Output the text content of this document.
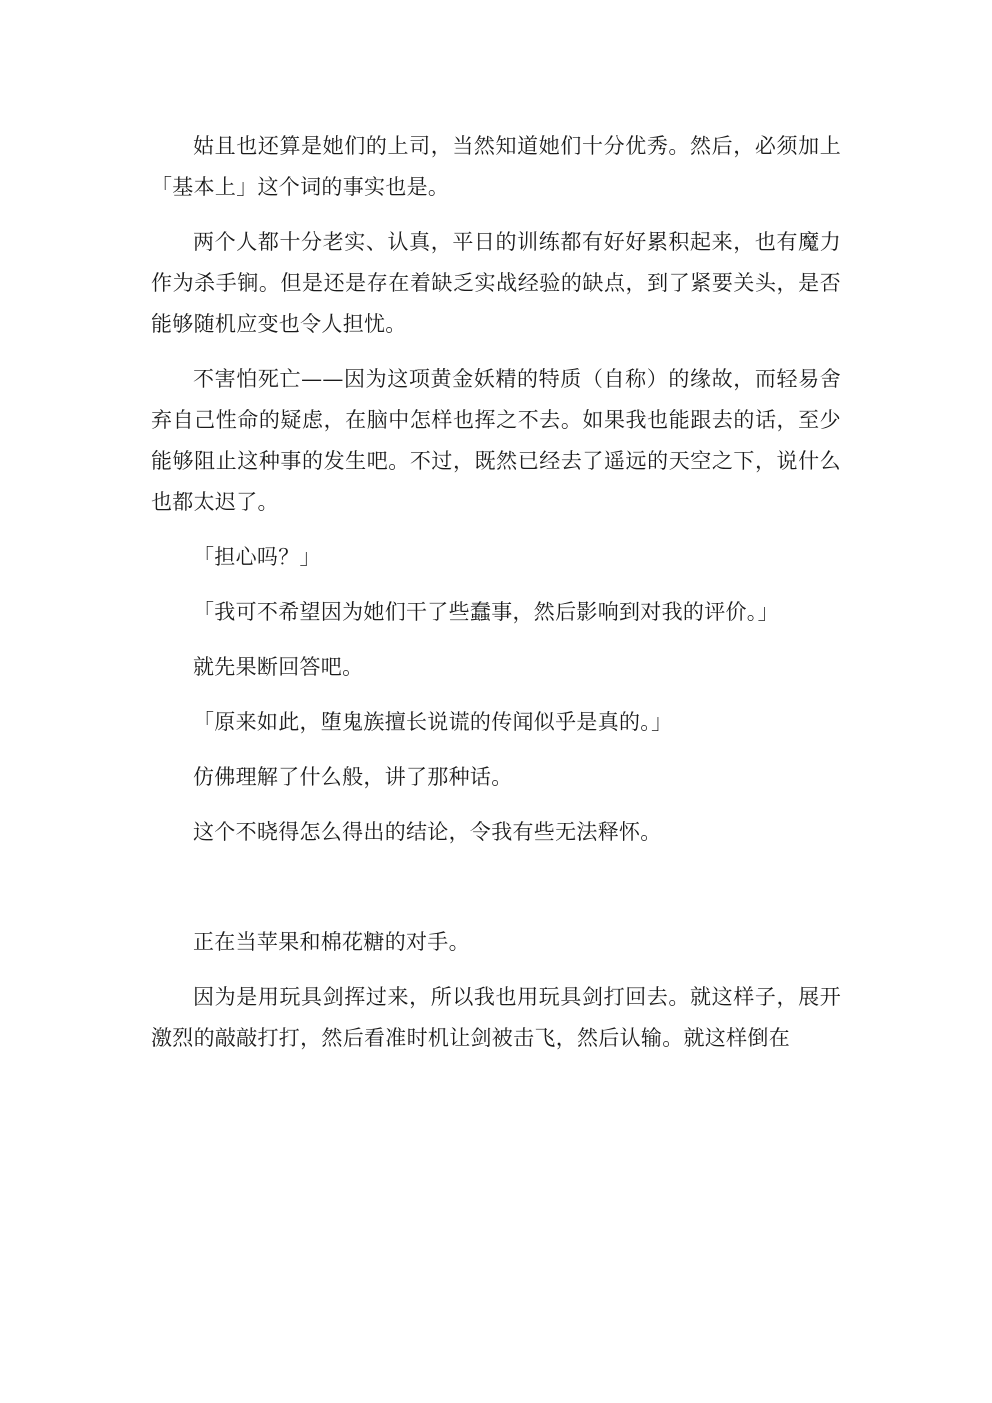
姑且也还算是她们的上司，当然知道她们十分优秀。然后，必须加上「基本上」这个词的事实也是。

两个人都十分老实、认真，平日的训练都有好好累积起来，也有魔力作为杀手锏。但是还是存在着缺乏实战经验的缺点，到了紧要关头，是否能够随机应变也令人担忧。

不害怕死亡——因为这项黄金妖精的特质（自称）的缘故，而轻易舍弃自己性命的疑虑，在脑中怎样也挥之不去。如果我也能跟去的话，至少能够阻止这种事的发生吧。不过，既然已经去了遥远的天空之下，说什么也都太迟了。

「担心吗？」

「我可不希望因为她们干了些蠢事，然后影响到对我的评价。」

就先果断回答吧。

「原来如此，堕鬼族擅长说谎的传闻似乎是真的。」

仿佛理解了什么般，讲了那种话。

这个不晓得怎么得出的结论，令我有些无法释怀。

正在当苹果和棉花糖的对手。

因为是用玩具剑挥过来，所以我也用玩具剑打回去。就这样子，展开激烈的敲敲打打，然后看准时机让剑被击飞，然后认输。就这样倒在
